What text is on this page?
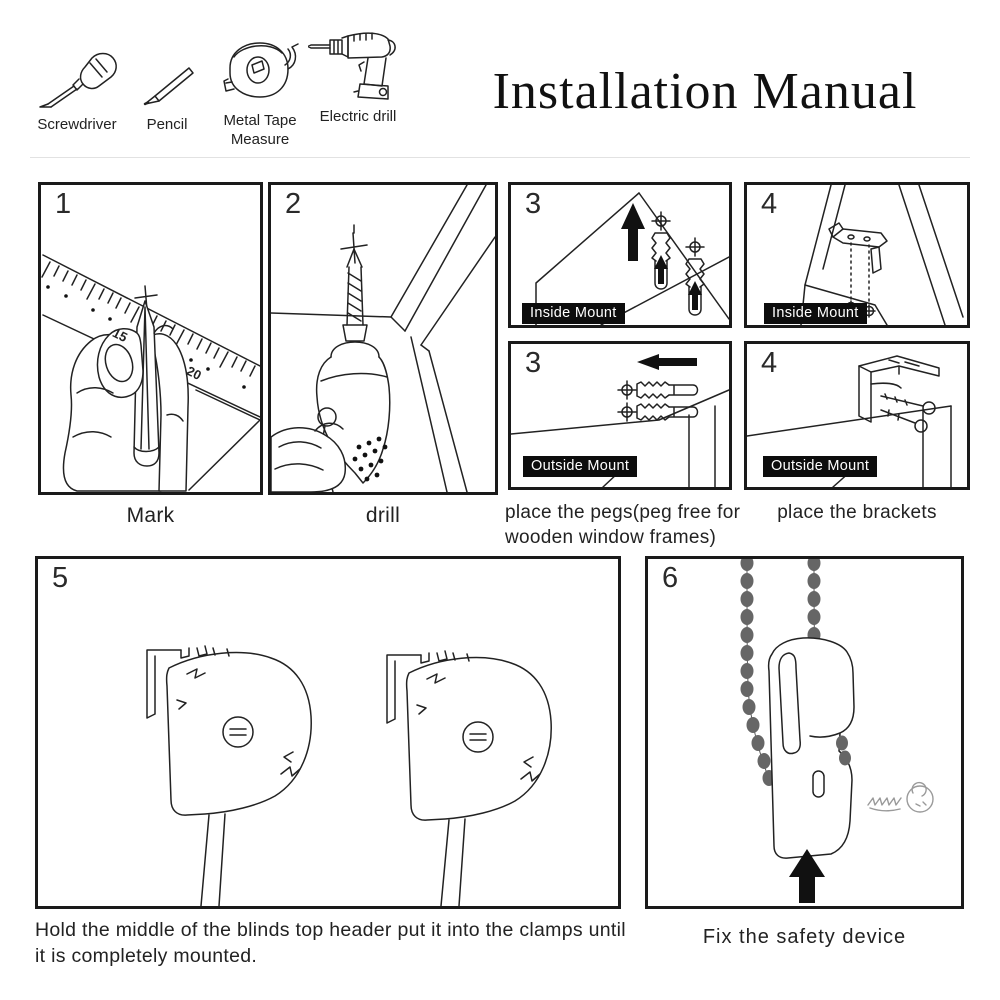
Screwdriver Pencil	Metal Tape Measure
Electric drill	Installation Manual
1
15
20
2	3
Inside Mount
3
Outside Mount
4
Inside Mount
4
Outside Mount
Mark	drill	place the pegs(peg free for wooden window frames)
place the brackets
5	6
Hold the middle of the blinds top header put it into the clamps until it is completely mounted.
Fix the safety device
